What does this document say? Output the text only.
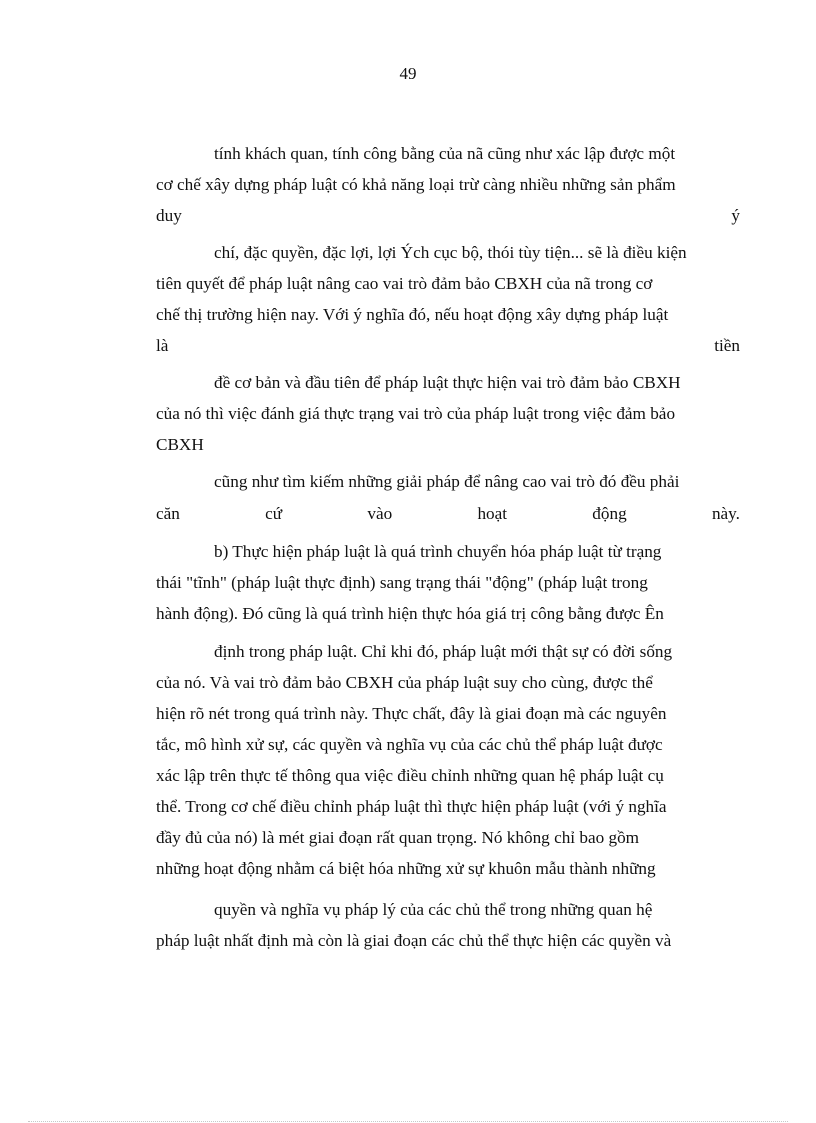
49
tính khách quan, tính công bằng của nã cũng như xác lập được một
cơ chế xây dựng pháp luật có khả năng loại trừ càng nhiều những sản phẩm
duy	ý
chí, đặc quyền, đặc lợi, lợi Ých cục bộ, thói tùy tiện... sẽ là điều kiện
tiên quyết để pháp luật nâng cao vai trò đảm bảo CBXH của nã trong cơ
chế thị trường hiện nay. Với ý nghĩa đó, nếu hoạt động xây dựng pháp luật
là	tiền
đề cơ bản và đầu tiên để pháp luật thực hiện vai trò đảm bảo CBXH
của nó thì việc đánh giá thực trạng vai trò của pháp luật trong việc đảm bảo
CBXH
cũng như tìm kiếm những giải pháp để nâng cao vai trò đó đều phải
căn	cứ	vào	hoạt	động	này.
b) Thực hiện pháp luật là quá trình chuyển hóa pháp luật từ trạng
thái "tĩnh" (pháp luật thực định) sang trạng thái "động" (pháp luật trong
hành động). Đó cũng là quá trình hiện thực hóa giá trị công bằng được Ên
định trong pháp luật. Chỉ khi đó, pháp luật mới thật sự có đời sống
của nó. Và vai trò đảm bảo CBXH của pháp luật suy cho cùng, được thể
hiện rõ nét trong quá trình này. Thực chất, đây là giai đoạn mà các nguyên
tắc, mô hình xử sự, các quyền và nghĩa vụ của các chủ thể pháp luật được
xác lập trên thực tế thông qua việc điều chỉnh những quan hệ pháp luật cụ
thể. Trong cơ chế điều chỉnh pháp luật thì thực hiện pháp luật (với ý nghĩa
đầy đủ của nó) là mét giai đoạn rất quan trọng. Nó không chỉ bao gồm
những hoạt động nhằm cá biệt hóa những xử sự khuôn mẫu thành những
quyền và nghĩa vụ pháp lý của các chủ thể trong những quan hệ
pháp luật nhất định mà còn là giai đoạn các chủ thể thực hiện các quyền và
